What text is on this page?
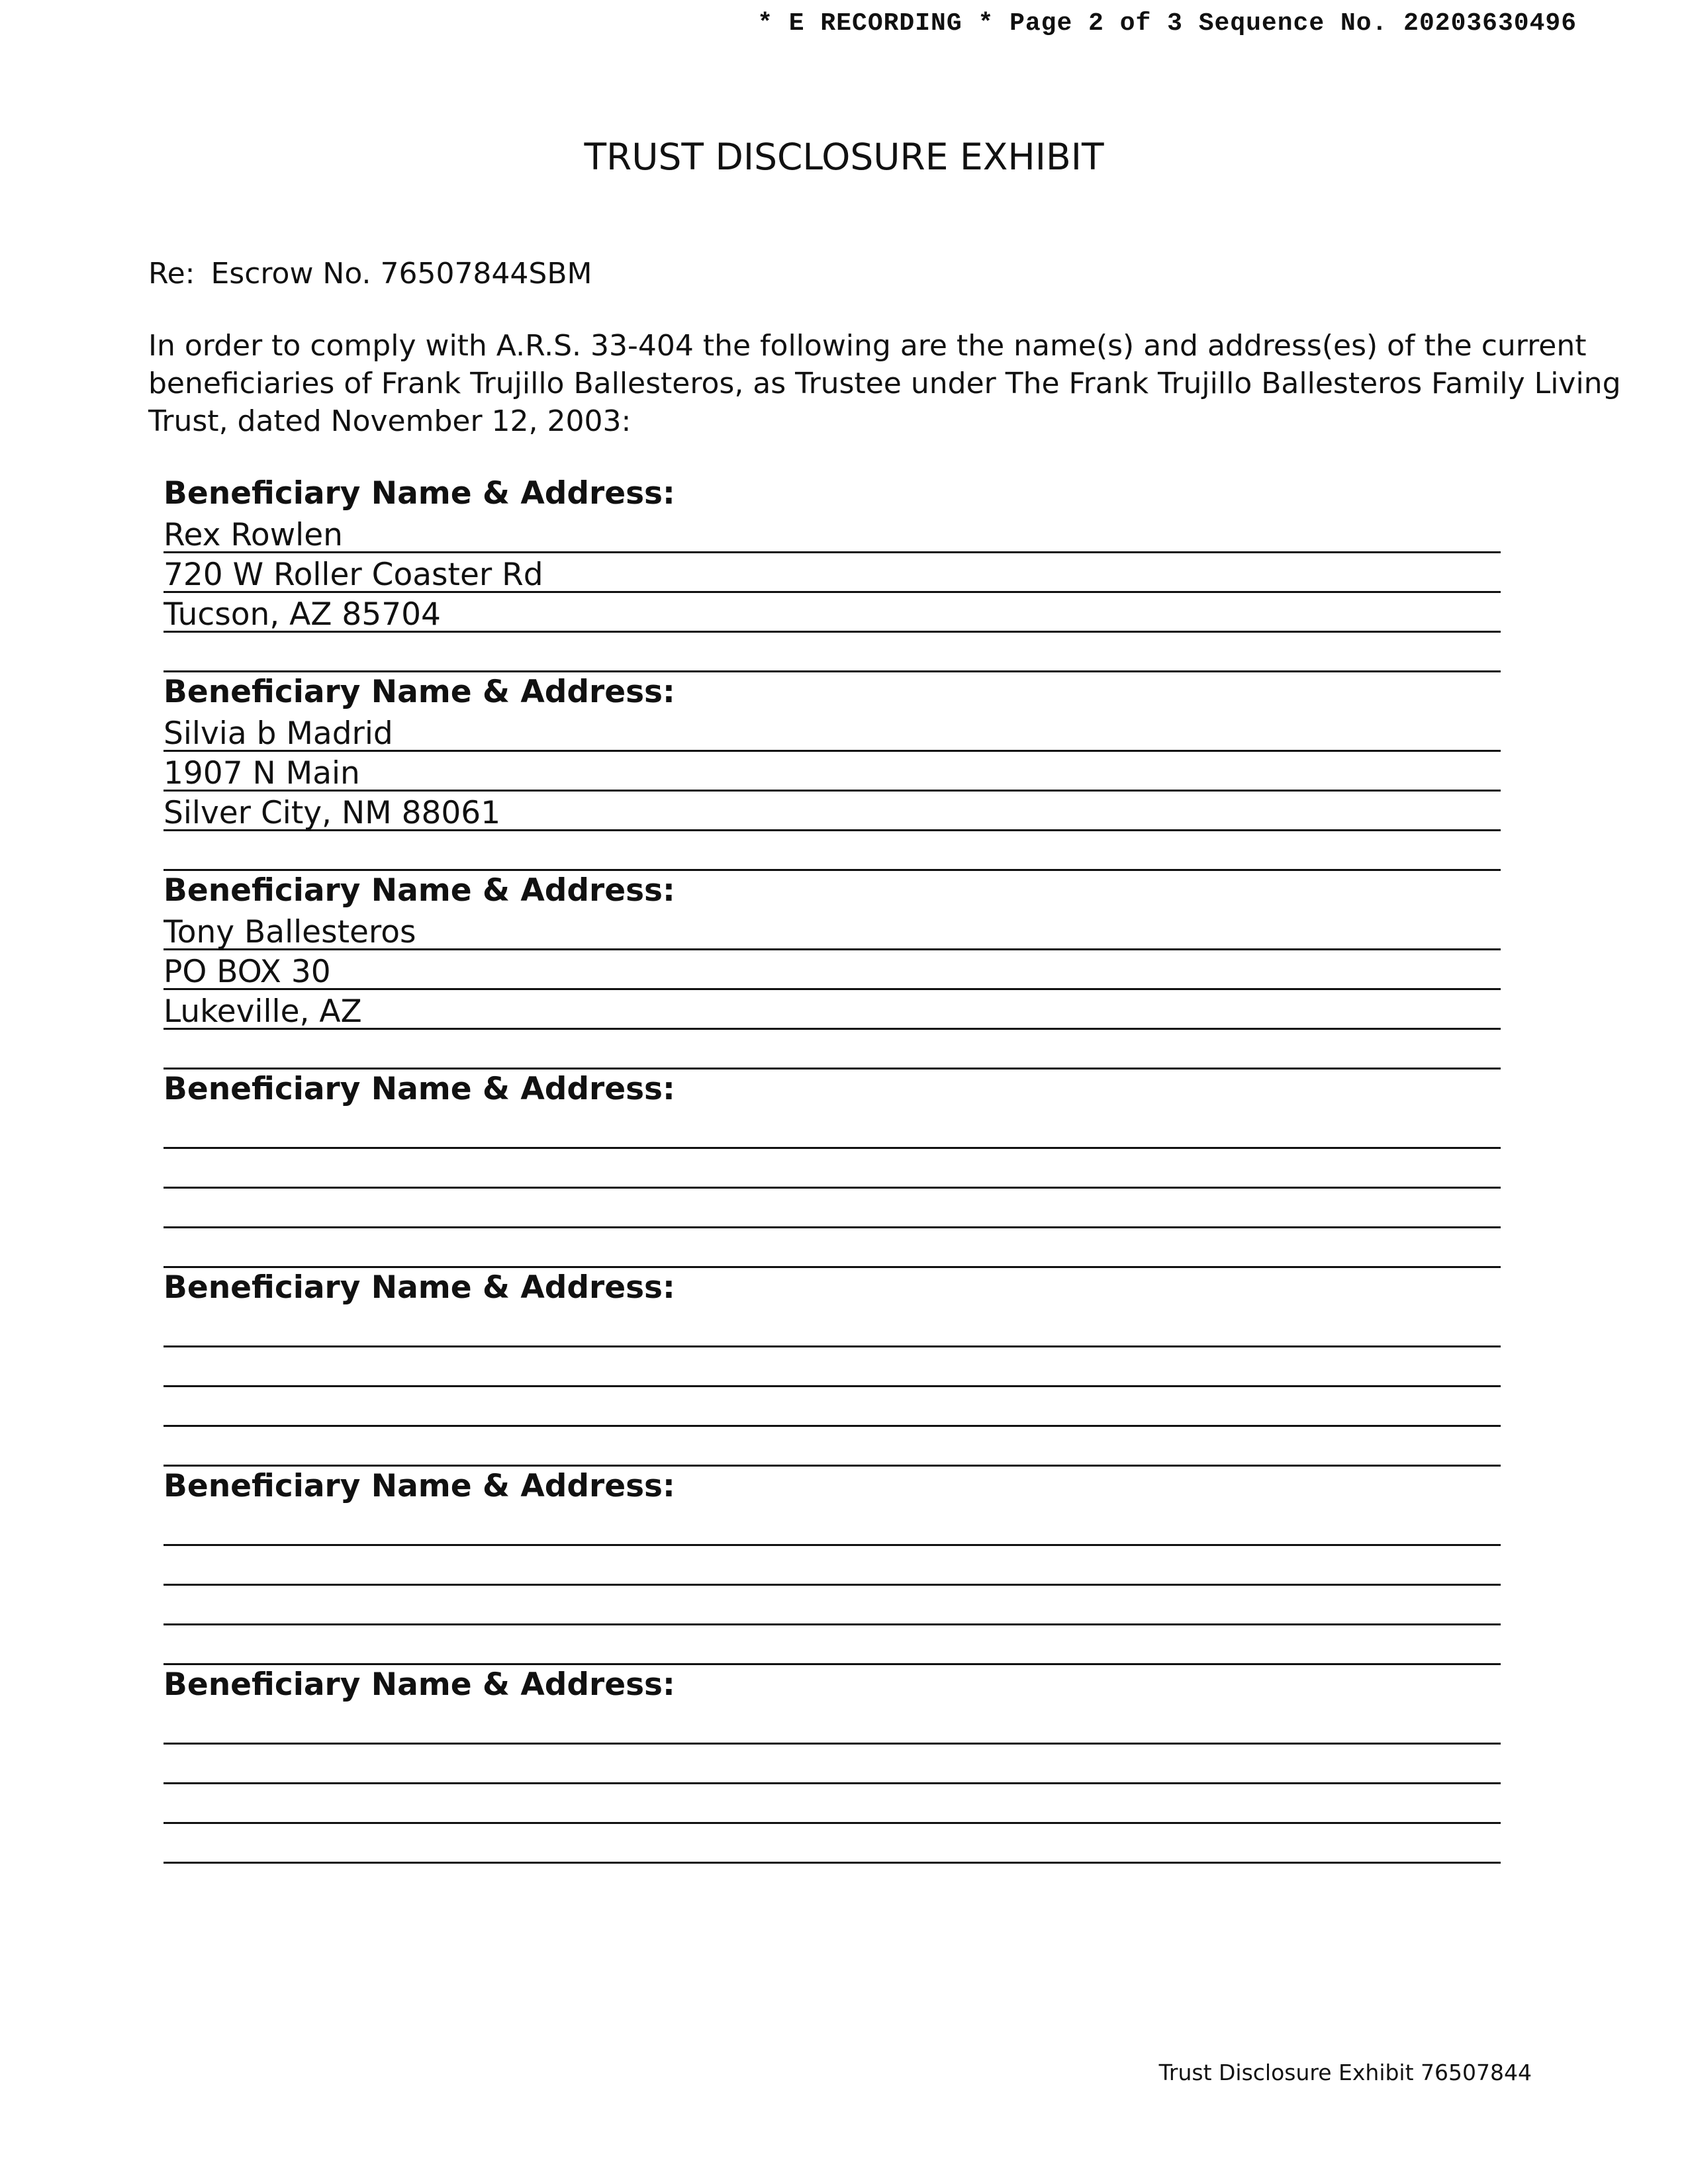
* E RECORDING * Page 2 of 3 Sequence No. 20203630496
TRUST DISCLOSURE EXHIBIT
Re: Escrow No. 76507844SBM

In order to comply with A.R.S. 33-404 the following are the name(s) and address(es) of the current

beneficiaries of Frank Trujillo Ballesteros, as Trustee under The Frank Trujillo Ballesteros Family Living

Trust, dated November 12, 2003:

Beneficiary Name & Address:
Rex Rowlen
720 W Roller Coaster Rd
Tucson, AZ 85704
Beneficiary Name & Address:
Silvia b Madrid
1907 N Main
Silver City, NM 88061
Beneficiary Name & Address:
Tony Ballesteros
PO BOX 30
Lukeville, AZ
Beneficiary Name & Address:
Beneficiary Name & Address:
Beneficiary Name & Address:
Beneficiary Name & Address:
Trust Disclosure Exhibit 76507844
